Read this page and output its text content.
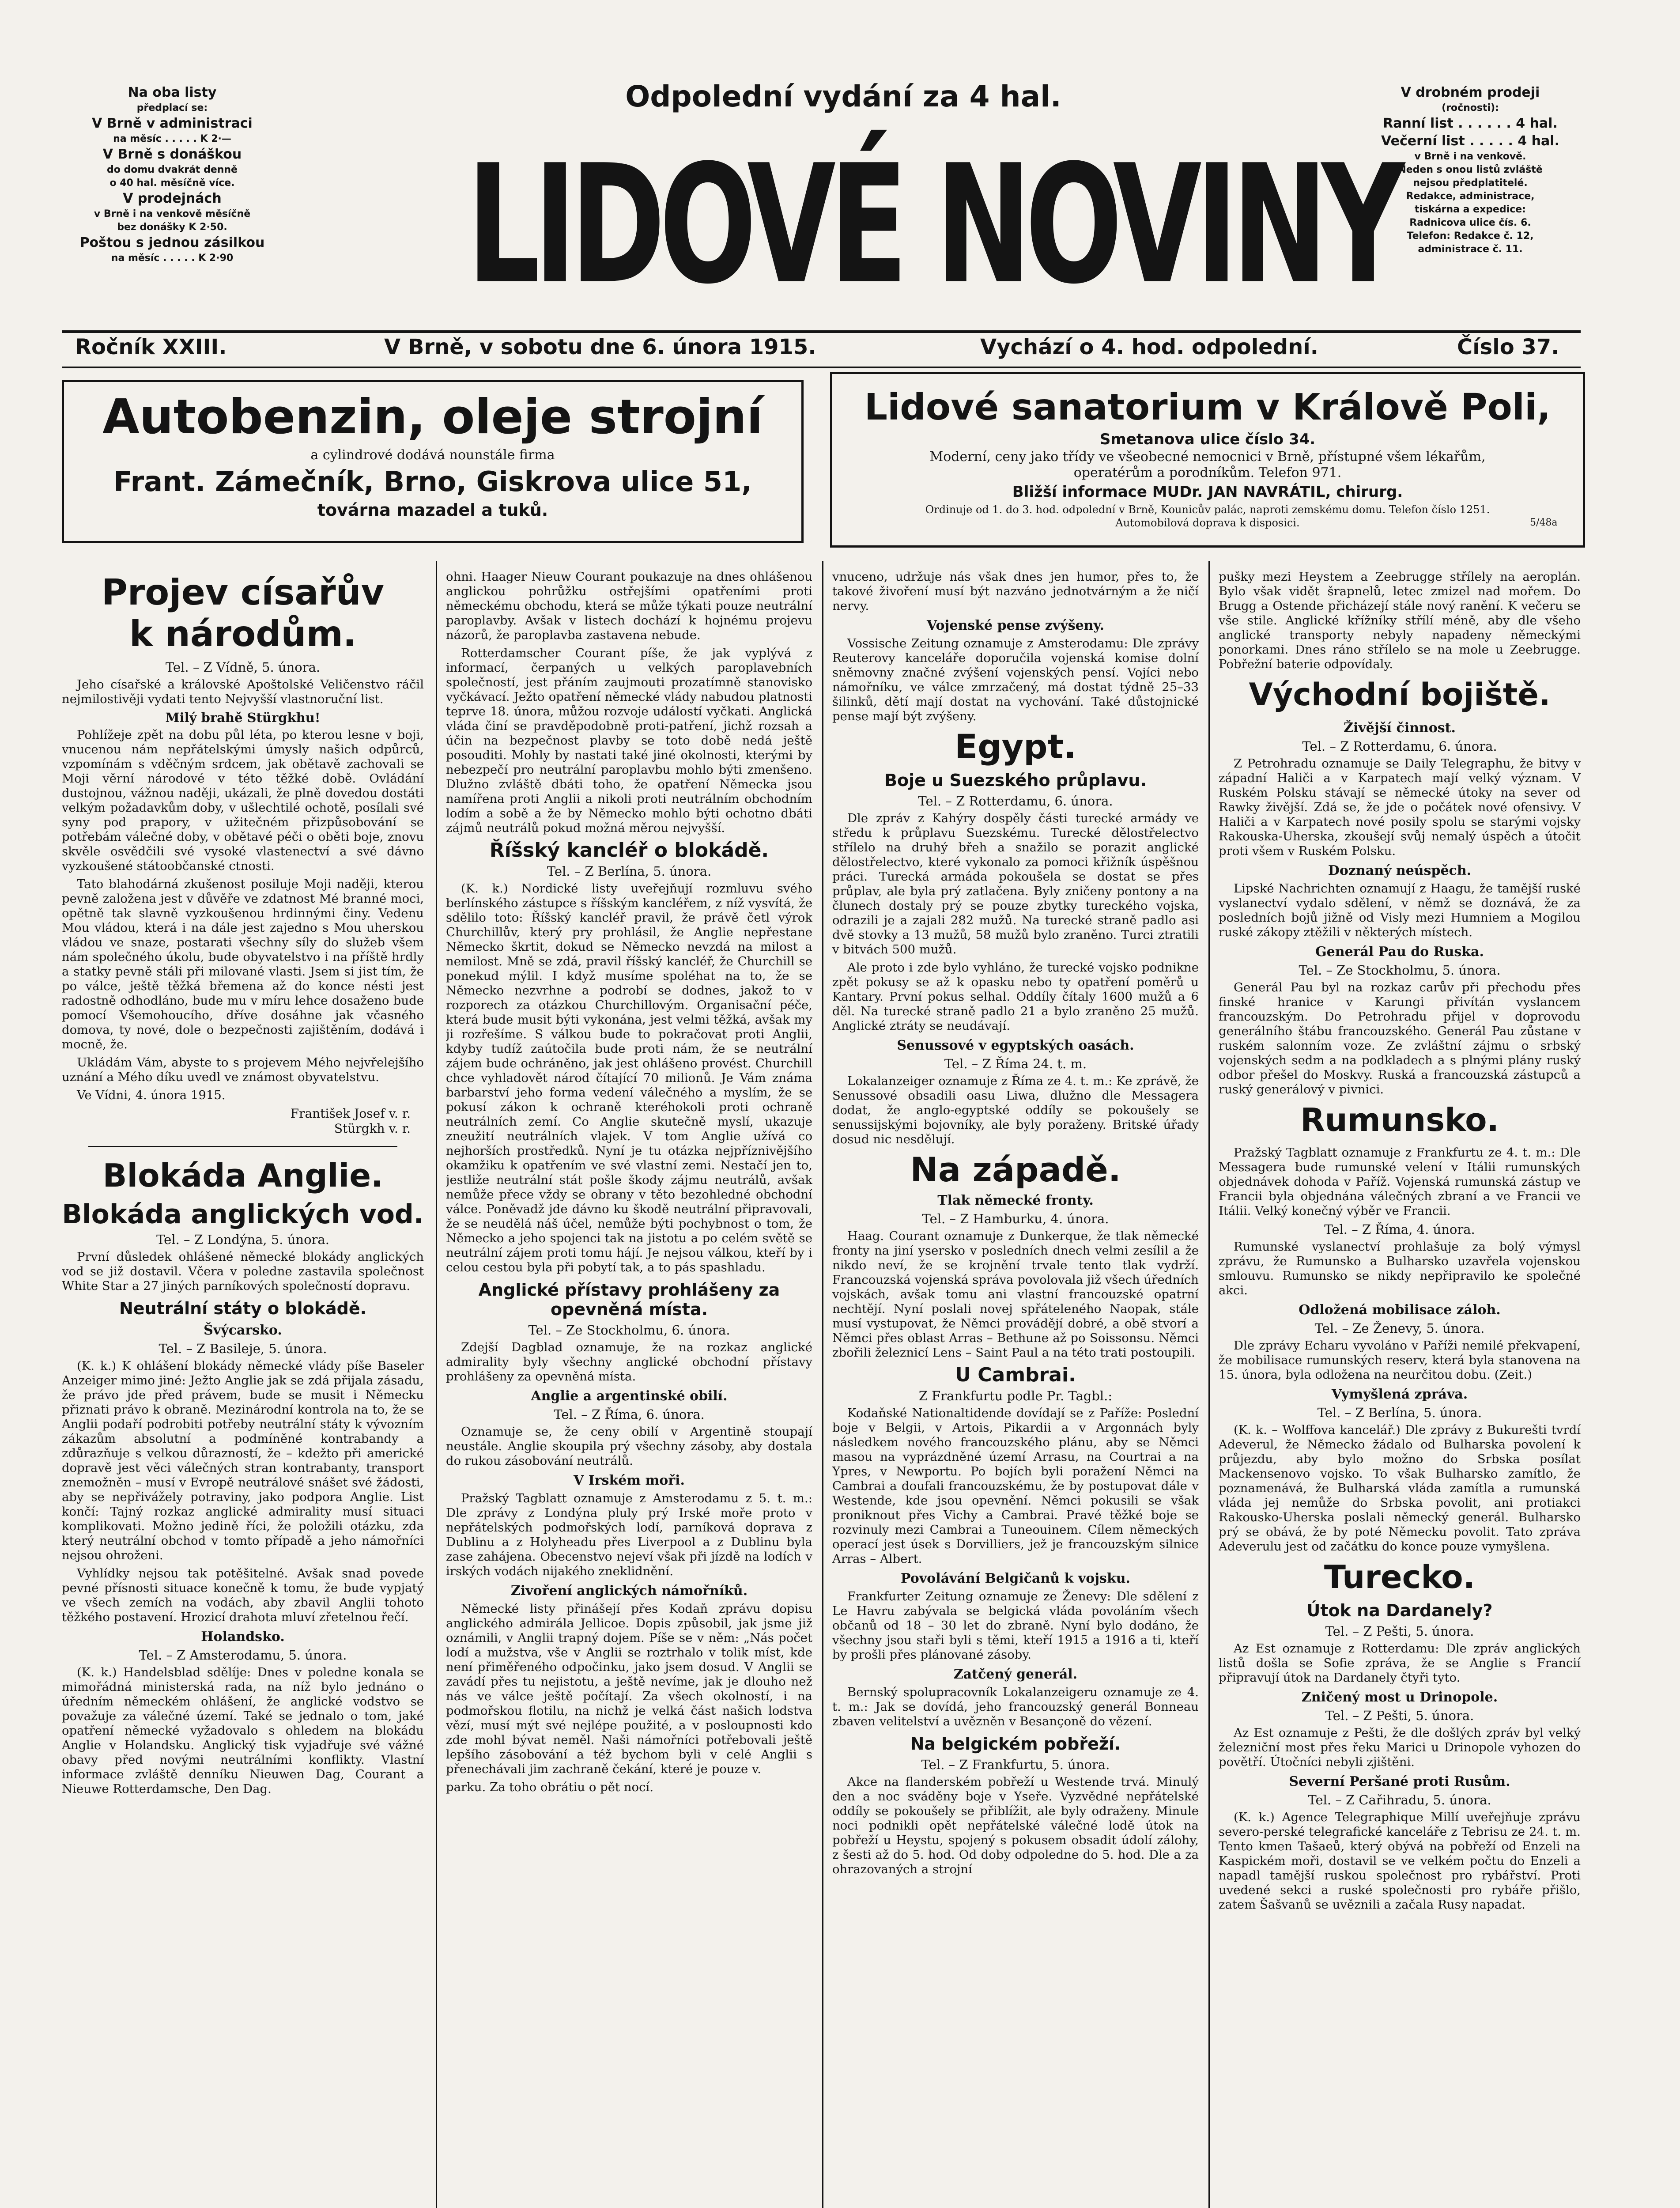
Na oba listy
předplací se:
V Brně v administraci
na měsíc . . . . . K 2·—
V Brně s donáškou
do domu dvakrát denně
o 40 hal. měsíčně více.
V prodejnách
v Brně i na venkově měsíčně
bez donášky K 2·50.
Poštou s jednou zásilkou
na měsíc . . . . . K 2·90
Odpolední vydání za 4 hal.
LIDOVÉ NOVINY
V drobném prodeji
(ročnosti):
Ranní list . . . . . . 4 hal.
Večerní list . . . . . 4 hal.
v Brně i na venkově.
Neden s onou listů zvláště
nejsou předplatitelé.
Redakce, administrace,
tiskárna a expedice:
Radnicova ulice čís. 6.
Telefon: Redakce č. 12,
administrace č. 11.
Ročník XXIII.	V Brně, v sobotu dne 6. února 1915.	Vychází o 4. hod. odpolední.	Číslo 37.
Autobenzin, oleje strojní
a cylindrové dodává nounstále firma
Frant. Zámečník, Brno, Giskrova ulice 51,
továrna mazadel a tuků.
Lidové sanatorium v Králově Poli,
Smetanova ulice číslo 34.
Moderní, ceny jako třídy ve všeobecné nemocnici v Brně, přístupné všem lékařům,
operatérům a porodníkům. Telefon 971.
Bližší informace MUDr. JAN NAVRÁTIL, chirurg.
Ordinuje od 1. do 3. hod. odpolední v Brně, Kounicův palác, naproti zemskému domu. Telefon číslo 1251.
Automobilová doprava k disposici.	5/48a
Projev císařův
k národům.
Tel. – Z Vídně, 5. února.

Jeho císařské a královské Apoštolské Veličenstvo ráčil nejmilostivěji vydati tento Nejvyšší vlastnoruční list.

Milý brahě Stürgkhu!

Pohlížeje zpět na dobu půl léta, po kterou lesne v boji, vnucenou nám nepřátelskými úmysly našich odpůrců, vzpomínám s vděčným srdcem, jak obětavě zachovali se Moji věrní národové v této těžké době. Ovládání dustojnou, vážnou naději, ukázali, že plně dovedou dostáti velkým požadavkům doby, v ušlechtilé ochotě, posílali své syny pod prapory, v užitečném přizpůsobování se potřebám válečné doby, v obětavé péči o oběti boje, znovu skvěle osvědčili své vysoké vlastenectví a své dávno vyzkoušené státoobčanské ctnosti.

Tato blahodárná zkušenost posiluje Moji naději, kterou pevně založena jest v důvěře ve zdatnost Mé branné moci, opětně tak slavně vyzkoušenou hrdinnými činy. Vedenu Mou vládou, která i na dále jest zajedno s Mou uherskou vládou ve snaze, postarati všechny síly do služeb všem nám společného úkolu, bude obyvatelstvo i na příště hrdly a statky pevně stáli při milované vlasti. Jsem si jist tím, že po válce, ještě těžká břemena až do konce nésti jest radostně odhodláno, bude mu v míru lehce dosaženo bude pomocí Všemohoucího, dříve dosáhne jak včasného domova, ty nové, dole o bezpečnosti zajištěním, dodává i mocně, že.

Ukládám Vám, abyste to s projevem Mého nejvřelejšího uznání a Mého díku uvedl ve známost obyvatelstvu.

Ve Vídni, 4. února 1915.

František Josef v. r.
Stürgkh v. r.
Blokáda Anglie.
Blokáda anglických vod.
Tel. – Z Londýna, 5. února.

První důsledek ohlášené německé blokády anglických vod se již dostavil. Včera v poledne zastavila společnost White Star a 27 jiných parníkových společností dopravu.

Neutrální státy o blokádě.
Švýcarsko.
Tel. – Z Basileje, 5. února.

(K. k.) K ohlášení blokády německé vlády píše Baseler Anzeiger mimo jiné: Ježto Anglie jak se zdá přijala zásadu, že právo jde před právem, bude se musit i Německu přiznati právo k obraně. Mezinárodní kontrola na to, že se Anglii podaří podrobiti potřeby neutrální státy k vývozním zákazům absolutní a podmíněné kontrabandy a zdůrazňuje s velkou důrazností, že – kdežto při americké dopravě jest věci válečných stran kontrabanty, transport znemožněn – musí v Evropě neutrálové snášet své žádosti, aby se nepřivážely potraviny, jako podpora Anglie. List končí: Tajný rozkaz anglické admirality musí situaci komplikovati. Možno jedině říci, že položili otázku, zda který neutrální obchod v tomto případě a jeho námořníci nejsou ohroženi.

Vyhlídky nejsou tak potěšitelné. Avšak snad povede pevné přísnosti situace konečně k tomu, že bude vypjatý ve všech zemích na vodách, aby zbavil Anglii tohoto těžkého postavení. Hrozicí drahota mluví zřetelnou řečí.

Holandsko.
Tel. – Z Amsterodamu, 5. února.

(K. k.) Handelsblad sdělíje: Dnes v poledne konala se mimořádná ministerská rada, na níž bylo jednáno o úředním německém ohlášení, že anglické vodstvo se považuje za válečné území. Také se jednalo o tom, jaké opatření německé vyžadovalo s ohledem na blokádu Anglie v Holandsku. Anglický tisk vyjadřuje své vážné obavy před novými neutrálními konflikty. Vlastní informace zvláště denníku Nieuwen Dag, Courant a Nieuwe Rotterdamsche, Den Dag.

ohni. Haager Nieuw Courant poukazuje na dnes ohlášenou anglickou pohrůžku ostřejšími opatřeními proti německému obchodu, která se může týkati pouze neutrální paroplavby. Avšak v listech dochází k hojnému projevu názorů, že paroplavba zastavena nebude.

Rotterdamscher Courant píše, že jak vyplývá z informací, čerpaných u velkých paroplavebních společností, jest přáním zaujmouti prozatímně stanovisko vyčkávací. Ježto opatření německé vlády nabudou platnosti teprve 18. února, můžou rozvoje událostí vyčkati. Anglická vláda činí se pravděpodobně proti-patření, jichž rozsah a účin na bezpečnost plavby se toto době nedá ještě posouditi. Mohly by nastati také jiné okolnosti, kterými by nebezpečí pro neutrální paroplavbu mohlo býti zmenšeno. Dlužno zvláště dbáti toho, že opatření Německa jsou namířena proti Anglii a nikoli proti neutrálním obchodním lodím a sobě a že by Německo mohlo býti ochotno dbáti zájmů neutrálů pokud možná měrou nejvyšší.

Říšský kancléř o blokádě.
Tel. – Z Berlína, 5. února.

(K. k.) Nordické listy uveřejňují rozmluvu svého berlínského zástupce s říšským kancléřem, z níž vysvítá, že sdělilo toto: Říšský kancléř pravil, že právě četl výrok Churchillův, který pry prohlásil, že Anglie nepřestane Německo škrtit, dokud se Německo nevzdá na milost a nemilost. Mně se zdá, pravil říšský kancléř, že Churchill se ponekud mýlil. I když musíme spoléhat na to, že se Německo nezvrhne a podrobí se dodnes, jakož to v rozporech za otázkou Churchillovým. Organisační péče, která bude musit býti vykonána, jest velmi těžká, avšak my ji rozřešíme. S válkou bude to pokračovat proti Anglii, kdyby tudíž zaútočila bude proti nám, že se neutrální zájem bude ochráněno, jak jest ohlášeno provést. Churchill chce vyhladovět národ čítající 70 milionů. Je Vám známa barbarství jeho forma vedení válečného a myslím, že se pokusí zákon k ochraně kteréhokoli proti ochraně neutrálních zemí. Co Anglie skutečně myslí, ukazuje zneužití neutrálních vlajek. V tom Anglie užívá co nejhorších prostředků. Nyní je tu otázka nejpříznivějšího okamžiku k opatřením ve své vlastní zemi. Nestačí jen to, jestliže neutrální stát pošle škody zájmu neutrálů, avšak nemůže přece vždy se obrany v těto bezohledné obchodní válce. Poněvadž jde dávno ku škodě neutrální připravovali, že se neudělá náš účel, nemůže býti pochybnost o tom, že Německo a jeho spojenci tak na jistotu a po celém světě se neutrální zájem proti tomu hájí. Je nejsou válkou, kteří by i celou cestou byla při pobytí tak, a to pás spashladu.

Anglické přístavy prohlášeny za opevněná místa.
Tel. – Ze Stockholmu, 6. února.

Zdejší Dagblad oznamuje, že na rozkaz anglické admirality byly všechny anglické obchodní přístavy prohlášeny za opevněná místa.

Anglie a argentinské obilí.
Tel. – Z Říma, 6. února.

Oznamuje se, že ceny obilí v Argentině stoupají neustále. Anglie skoupila prý všechny zásoby, aby dostala do rukou zásobování neutrálů.

V Irském moři.

Pražský Tagblatt oznamuje z Amsterodamu z 5. t. m.: Dle zprávy z Londýna pluly prý Irské moře proto v nepřátelských podmořských lodí, parníková doprava z Dublinu a z Holyheadu přes Liverpool a z Dublinu byla zase zahájena. Obecenstvo nejeví však při jízdě na lodích v irských vodách nijakého zneklidnění.

Zivoření anglických námořníků.

Německé listy přinášejí přes Kodaň zprávu dopisu anglického admirála Jellicoe. Dopis způsobil, jak jsme již oznámili, v Anglii trapný dojem. Píše se v něm: „Nás počet lodí a mužstva, vše v Anglii se roztrhalo v tolik míst, kde není přiměřeného odpočinku, jako jsem dosud. V Anglii se zavádí přes tu nejistotu, a ještě nevíme, jak je dlouho než nás ve válce ještě počítají. Za všech okolností, i na podmořskou flotilu, na nichž je velká část našich lodstva vězí, musí mýt své nejlépe použité, a v posloupnosti kdo zde mohl bývat neměl. Naši námořníci potřebovali ještě lepšího zásobování a též bychom byli v celé Anglii s přenechávali jim zachraně čekání, které je pouze v.

parku. Za toho obrátiu o pět nocí.

vnuceno, udržuje nás však dnes jen humor, přes to, že takové živoření musí být nazváno jednotvárným a že ničí nervy.

Vojenské pense zvýšeny.

Vossische Zeitung oznamuje z Amsterodamu: Dle zprávy Reuterovy kanceláře doporučila vojenská komise dolní sněmovny značné zvýšení vojenských pensí. Vojíci nebo námořníku, ve válce zmrzačený, má dostat týdně 25–33 šilinků, dětí mají dostat na vychování. Také důstojnické pense mají být zvýšeny.

Egypt.
Boje u Suezského průplavu.
Tel. – Z Rotterdamu, 6. února.

Dle zpráv z Kahýry dospěly části turecké armády ve středu k průplavu Suezskému. Turecké dělostřelectvo střílelo na druhý břeh a snažilo se porazit anglické dělostřelectvo, které vykonalo za pomoci křižník úspěšnou práci. Turecká armáda pokoušela se dostat se přes průplav, ale byla prý zatlačena. Byly zničeny pontony a na člunech dostaly prý se pouze zbytky tureckého vojska, odrazili je a zajali 282 mužů. Na turecké straně padlo asi dvě stovky a 13 mužů, 58 mužů bylo zraněno. Turci ztratili v bitvách 500 mužů.

Ale proto i zde bylo vyhláno, že turecké vojsko podnikne zpět pokusy se až k opasku nebo ty opatření poměrů u Kantary. První pokus selhal. Oddíly čítaly 1600 mužů a 6 děl. Na turecké straně padlo 21 a bylo zraněno 25 mužů. Anglické ztráty se neudávají.

Senussové v egyptských oasách.
Tel. – Z Říma 24. t. m.

Lokalanzeiger oznamuje z Říma ze 4. t. m.: Ke zprávě, že Senussové obsadili oasu Liwa, dlužno dle Messagera dodat, že anglo-egyptské oddíly se pokoušely se senussijskými bojovníky, ale byly poraženy. Britské úřady dosud nic nesdělují.

Na západě.
Tlak německé fronty.
Tel. – Z Hamburku, 4. února.

Haag. Courant oznamuje z Dunkerque, že tlak německé fronty na jiní ysersko v posledních dnech velmi zesílil a že nikdo neví, že se krojnění trvale tento tlak vydrží. Francouzská vojenská správa povolovala již všech úředních vojskách, avšak tomu ani vlastní francouzské opatrní nechtějí. Nyní poslali novej spřáteleného Naopak, stále musí vystupovat, že Němci provádějí dobré, a obě stvorí a Němci přes oblast Arras – Bethune až po Soissonsu. Němci zbořili železnicí Lens – Saint Paul a na této trati postoupili.

U Cambrai.
Z Frankfurtu podle Pr. Tagbl.:

Kodaňské Nationaltidende dovídají se z Paříže: Poslední boje v Belgii, v Artois, Pikardii a v Argonnách byly následkem nového francouzského plánu, aby se Němci masou na vyprázdněné území Arrasu, na Courtrai a na Ypres, v Newportu. Po bojích byli poražení Němci na Cambrai a doufali francouzskému, že by postupovat dále v Westende, kde jsou opevnění. Němci pokusili se však proniknout přes Vichy a Cambrai. Pravé těžké boje se rozvinuly mezi Cambrai a Tuneouinem. Cílem německých operací jest úsek s Dorvilliers, jež je francouzským silnice Arras – Albert.

Povolávání Belgičanů k vojsku.

Frankfurter Zeitung oznamuje ze Ženevy: Dle sdělení z Le Havru zabývala se belgická vláda povoláním všech občanů od 18 – 30 let do zbraně. Nyní bylo dodáno, že všechny jsou staři byli s těmi, kteří 1915 a 1916 a ti, kteří by prošli přes plánované zásoby.

Zatčený generál.

Bernský spolupracovník Lokalanzeigeru oznamuje ze 4. t. m.: Jak se dovídá, jeho francouzský generál Bonneau zbaven velitelství a uvězněn v Besançoně do vězení.

Na belgickém pobřeží.
Tel. – Z Frankfurtu, 5. února.

Akce na flanderském pobřeží u Westende trvá. Minulý den a noc sváděny boje v Yseře. Vyzvědné nepřátelské oddíly se pokoušely se přiblížit, ale byly odraženy. Minule noci podnikli opět nepřátelské válečné lodě útok na pobřeží u Heystu, spojený s pokusem obsadit údolí zálohy, z šesti až do 5. hod. Od doby odpoledne do 5. hod. Dle a za ohrazovaných a strojní

pušky mezi Heystem a Zeebrugge střílely na aeroplán. Bylo však vidět šrapnelů, letec zmizel nad mořem. Do Brugg a Ostende přicházejí stále nový ranění. K večeru se vše stile. Anglické křížníky střílí méně, aby dle všeho anglické transporty nebyly napadeny německými ponorkami. Dnes ráno střílelo se na mole u Zeebrugge. Pobřežní baterie odpovídaly.

Východní bojiště.
Živější činnost.
Tel. – Z Rotterdamu, 6. února.

Z Petrohradu oznamuje se Daily Telegraphu, že bitvy v západní Haliči a v Karpatech mají velký význam. V Ruském Polsku stávají se německé útoky na sever od Rawky živější. Zdá se, že jde o počátek nové ofensivy. V Haliči a v Karpatech nové posily spolu se starými vojsky Rakouska-Uherska, zkoušejí svůj nemalý úspěch a útočit proti všem v Ruském Polsku.

Doznaný neúspěch.

Lipské Nachrichten oznamují z Haagu, že tamější ruské vyslanectví vydalo sdělení, v němž se doznává, že za posledních bojů jižně od Visly mezi Humniem a Mogilou ruské zákopy ztěžili v některých místech.

Generál Pau do Ruska.
Tel. – Ze Stockholmu, 5. února.

Generál Pau byl na rozkaz carův při přechodu přes finské hranice v Karungi přivítán vyslancem francouzským. Do Petrohradu přijel v doprovodu generálního štábu francouzského. Generál Pau zůstane v ruském salonním voze. Ze zvláštní zájmu o srbský vojenských sedm a na podkladech a s plnými plány ruský odbor přešel do Moskvy. Ruská a francouzská zástupců a ruský generálový v pivnici.

Rumunsko.

Pražský Tagblatt oznamuje z Frankfurtu ze 4. t. m.: Dle Messagera bude rumunské velení v Itálii rumunských objednávek dohoda v Paříž. Vojenská rumunská zástup ve Francii byla objednána válečných zbraní a ve Francii ve Itálii. Velký konečný výběr ve Francii.

Tel. – Z Říma, 4. února.

Rumunské vyslanectví prohlašuje za bolý výmysl zprávu, že Rumunsko a Bulharsko uzavřela vojenskou smlouvu. Rumunsko se nikdy nepřipravilo ke společné akci.

Odložená mobilisace záloh.
Tel. – Ze Ženevy, 5. února.

Dle zprávy Echaru vyvoláno v Paříži nemilé překvapení, že mobilisace rumunských reserv, která byla stanovena na 15. února, byla odložena na neurčitou dobu. (Zeit.)

Vymyšlená zpráva.
Tel. – Z Berlína, 5. února.

(K. k. – Wolffova kancelář.) Dle zprávy z Bukurešti tvrdí Adeverul, že Německo žádalo od Bulharska povolení k průjezdu, aby bylo možno do Srbska posílat Mackensenovo vojsko. To však Bulharsko zamítlo, že poznamenává, že Bulharská vláda zamítla a rumunská vláda jej nemůže do Srbska povolit, ani protiakci Rakousko-Uherska poslali německý generál. Bulharsko prý se obává, že by poté Německu povolit. Tato zpráva Adeverulu jest od začátku do konce pouze vymyšlena.

Turecko.
Útok na Dardanely?
Tel. – Z Pešti, 5. února.

Az Est oznamuje z Rotterdamu: Dle zpráv anglických listů došla se Sofie zpráva, že se Anglie s Francií připravují útok na Dardanely čtyři tyto.

Zničený most u Drinopole.
Tel. – Z Pešti, 5. února.

Az Est oznamuje z Pešti, že dle došlých zpráv byl velký železniční most přes řeku Marici u Drinopole vyhozen do povětří. Útočníci nebyli zjištěni.

Severní Peršané proti Rusům.
Tel. – Z Cařihradu, 5. února.

(K. k.) Agence Telegraphique Millí uveřejňuje zprávu severo-perské telegrafické kanceláře z Tebrisu ze 24. t. m. Tento kmen Tašaeů, který obývá na pobřeží od Enzeli na Kaspickém moři, dostavil se ve velkém počtu do Enzeli a napadl tamější ruskou společnost pro rybářství. Proti uvedené sekci a ruské společnosti pro rybáře přišlo, zatem Šašvanů se uvěznili a začala Rusy napadat.
